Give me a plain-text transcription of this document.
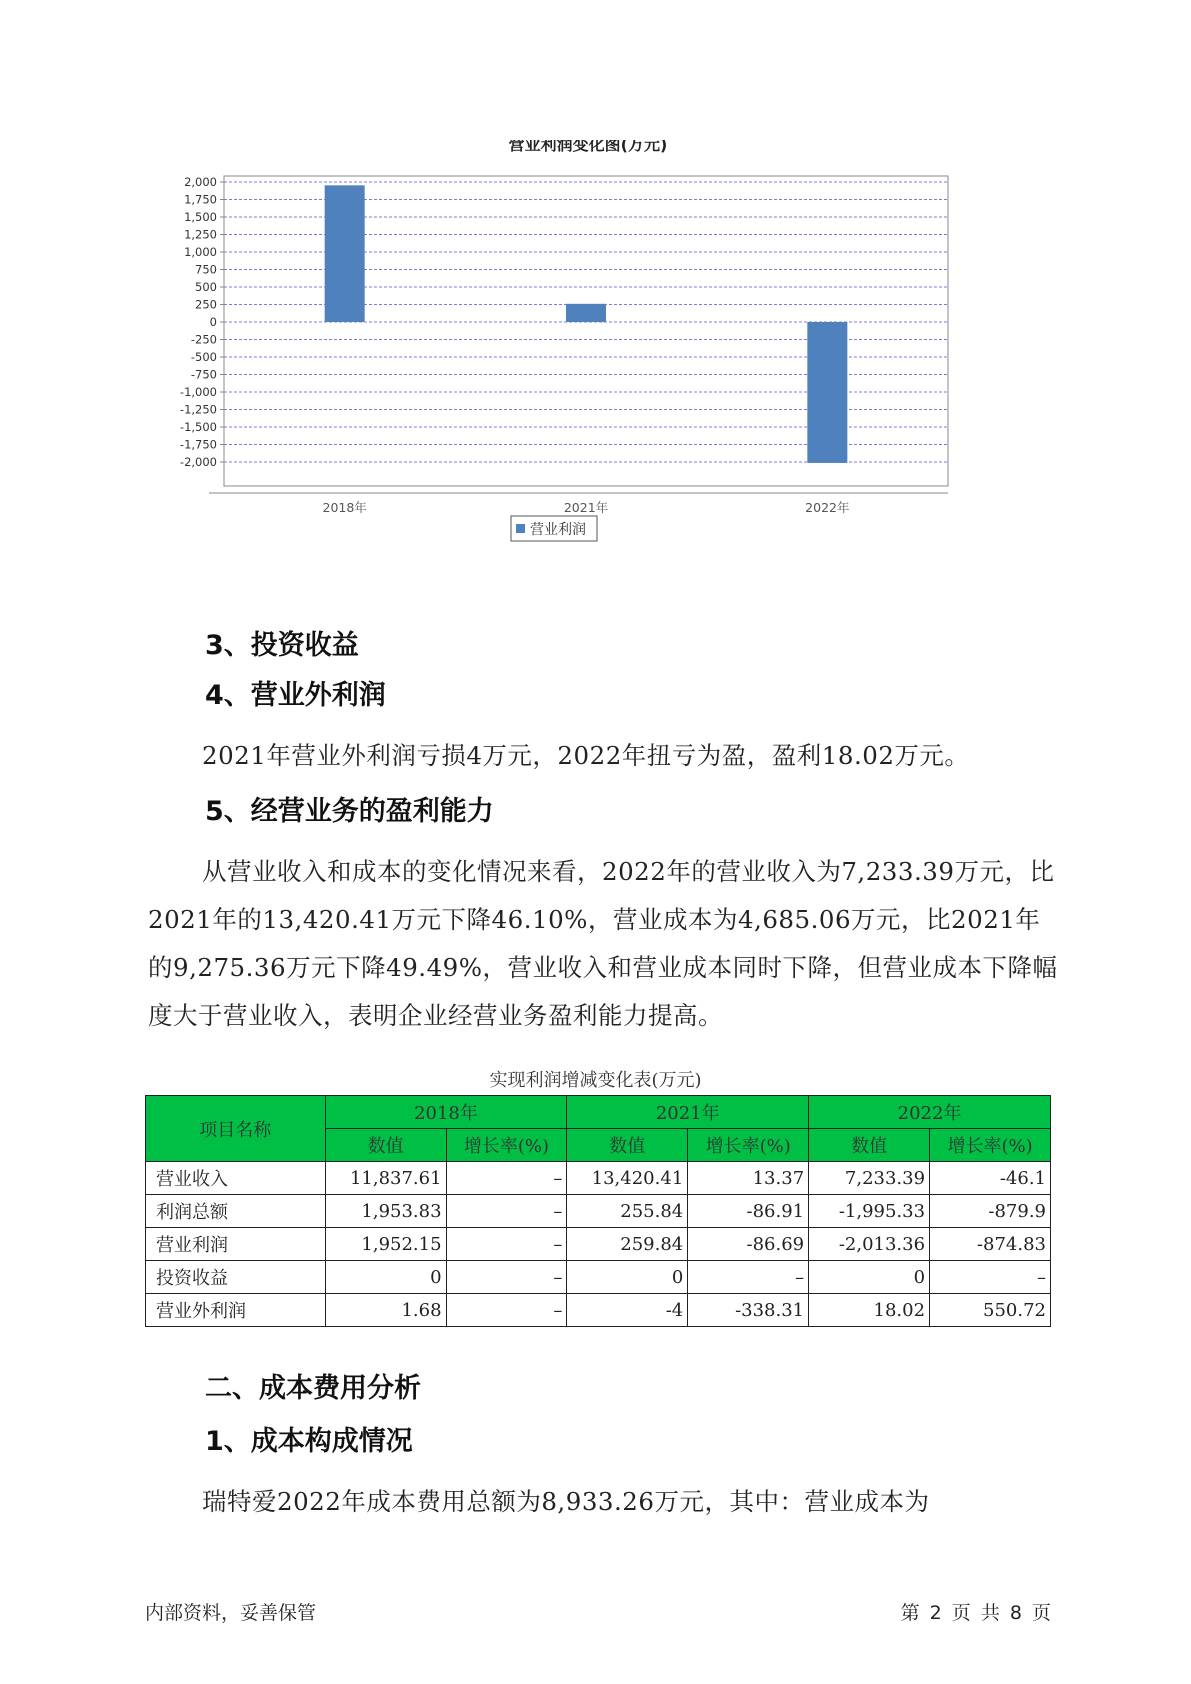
营业利润变化图(万元)
2,000
1,750
1,500
1,250
1,000
750
500
250
0
-250
-500
-750
-1,000
-1,250
-1,500
-1,750
-2,000
2018年	2021年	2022年
营业利润
3、投资收益
4、营业外利润
2021年营业外利润亏损4万元，2022年扭亏为盈，盈利18.02万元。
5、经营业务的盈利能力
从营业收入和成本的变化情况来看，2022年的营业收入为7,233.39万元，比2021年的13,420.41万元下降46.10%，营业成本为4,685.06万元，比2021年的9,275.36万元下降49.49%，营业收入和营业成本同时下降，但营业成本下降幅度大于营业收入，表明企业经营业务盈利能力提高。
实现利润增减变化表(万元)
项目名称	2018年		2021年		2022年	
	数值	增长率(%)	数值	增长率(%)	数值	增长率(%)
营业收入	11,837.61	–	13,420.41	13.37	7,233.39	-46.1
利润总额	1,953.83	–	255.84	-86.91	-1,995.33	-879.9
营业利润	1,952.15	–	259.84	-86.69	-2,013.36	-874.83
投资收益	0	–	0	–	0	–
营业外利润	1.68	–	-4	-338.31	18.02	550.72
二、成本费用分析
1、成本构成情况
瑞特爱2022年成本费用总额为8,933.26万元，其中：营业成本为
内部资料，妥善保管	第 2 页 共 8 页
